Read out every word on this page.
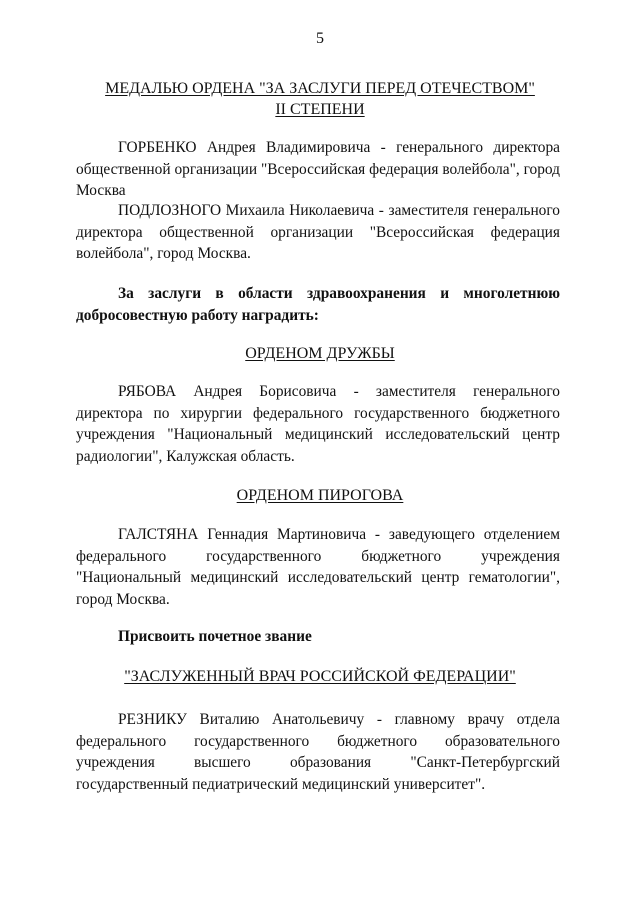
5
МЕДАЛЬЮ ОРДЕНА "ЗА ЗАСЛУГИ ПЕРЕД ОТЕЧЕСТВОМ"
II СТЕПЕНИ
ГОРБЕНКО Андрея Владимировича - генерального директора общественной организации "Всероссийская федерация волейбола", город Москва
ПОДЛОЗНОГО Михаила Николаевича - заместителя генерального директора общественной организации "Всероссийская федерация волейбола", город Москва.
За заслуги в области здравоохранения и многолетнюю добросовестную работу наградить:
ОРДЕНОМ ДРУЖБЫ
РЯБОВА Андрея Борисовича - заместителя генерального директора по хирургии федерального государственного бюджетного учреждения "Национальный медицинский исследовательский центр радиологии", Калужская область.
ОРДЕНОМ ПИРОГОВА
ГАЛСТЯНА Геннадия Мартиновича - заведующего отделением федерального государственного бюджетного учреждения "Национальный медицинский исследовательский центр гематологии", город Москва.
Присвоить почетное звание
"ЗАСЛУЖЕННЫЙ ВРАЧ РОССИЙСКОЙ ФЕДЕРАЦИИ"
РЕЗНИКУ Виталию Анатольевичу - главному врачу отдела федерального государственного бюджетного образовательного учреждения высшего образования "Санкт-Петербургский государственный педиатрический медицинский университет".
